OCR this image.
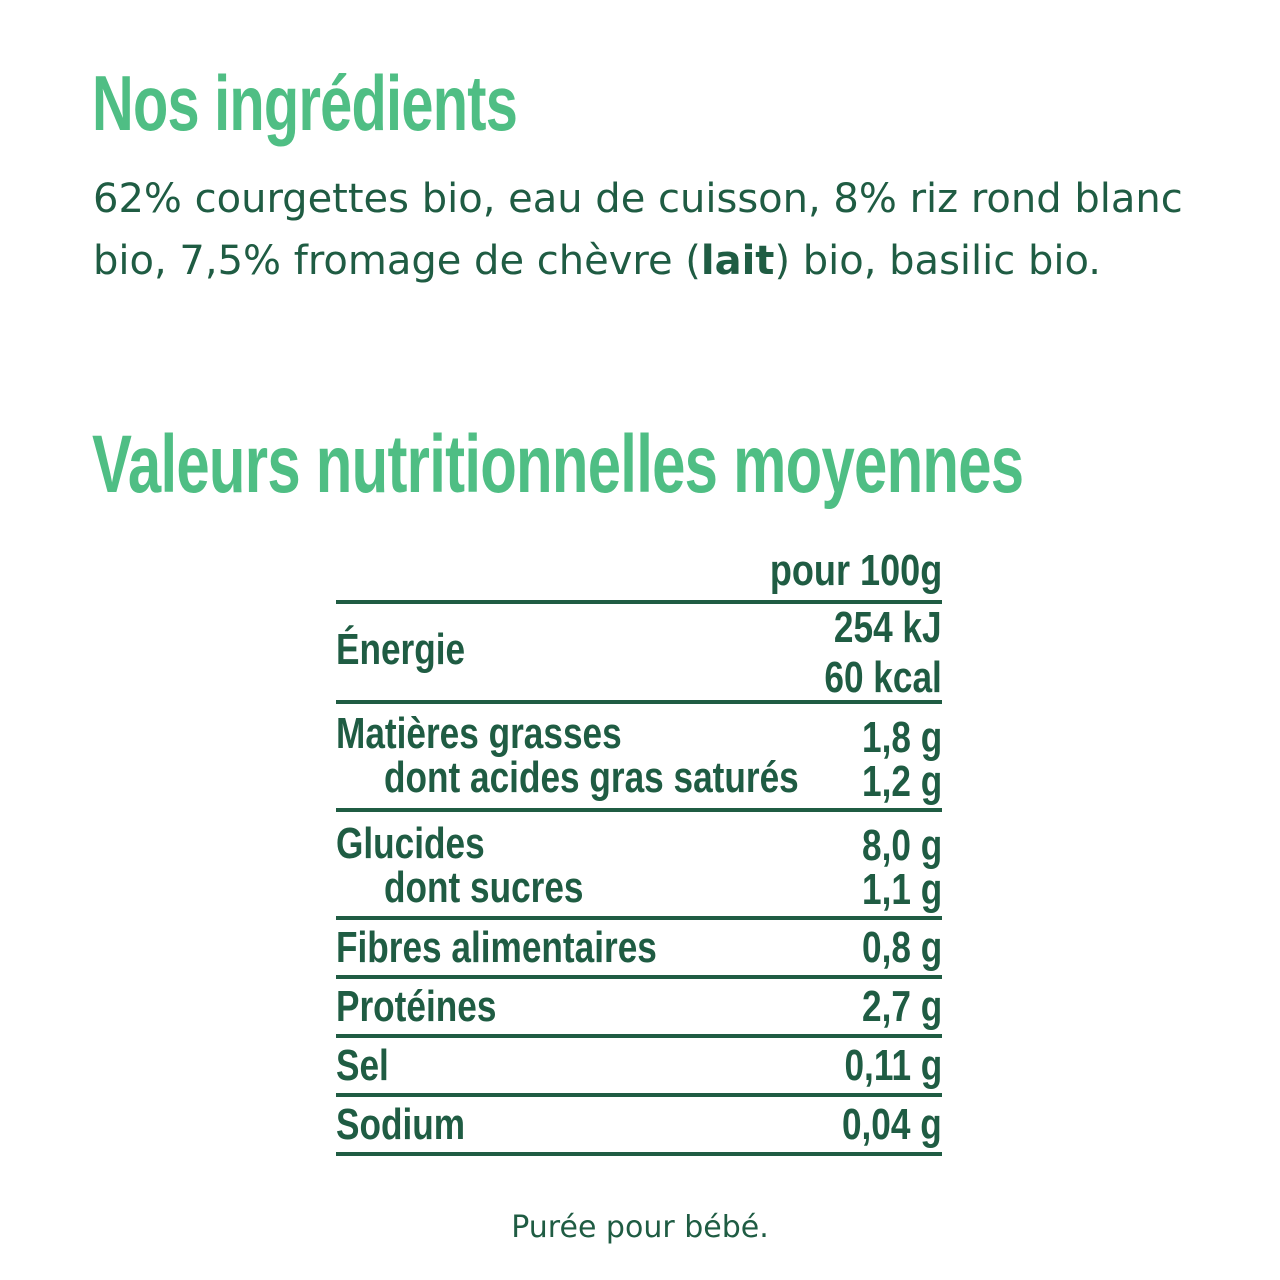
Nos ingrédients

62% courgettes bio, eau de cuisson, 8% riz rond blanc bio, 7,5% fromage de chèvre (lait) bio, basilic bio.

Valeurs nutritionnelles moyennes
pour 100g
Énergie	254 kJ
60 kcal
Matières grasses	1,8 g
dont acides gras saturés 1,2 g
Glucides	8,0 g
dont sucres	1,1 g
Fibres alimentaires	0,8 g
Protéines	2,7 g
Sel	0,11 g
Sodium	0,04 g
Purée pour bébé.
